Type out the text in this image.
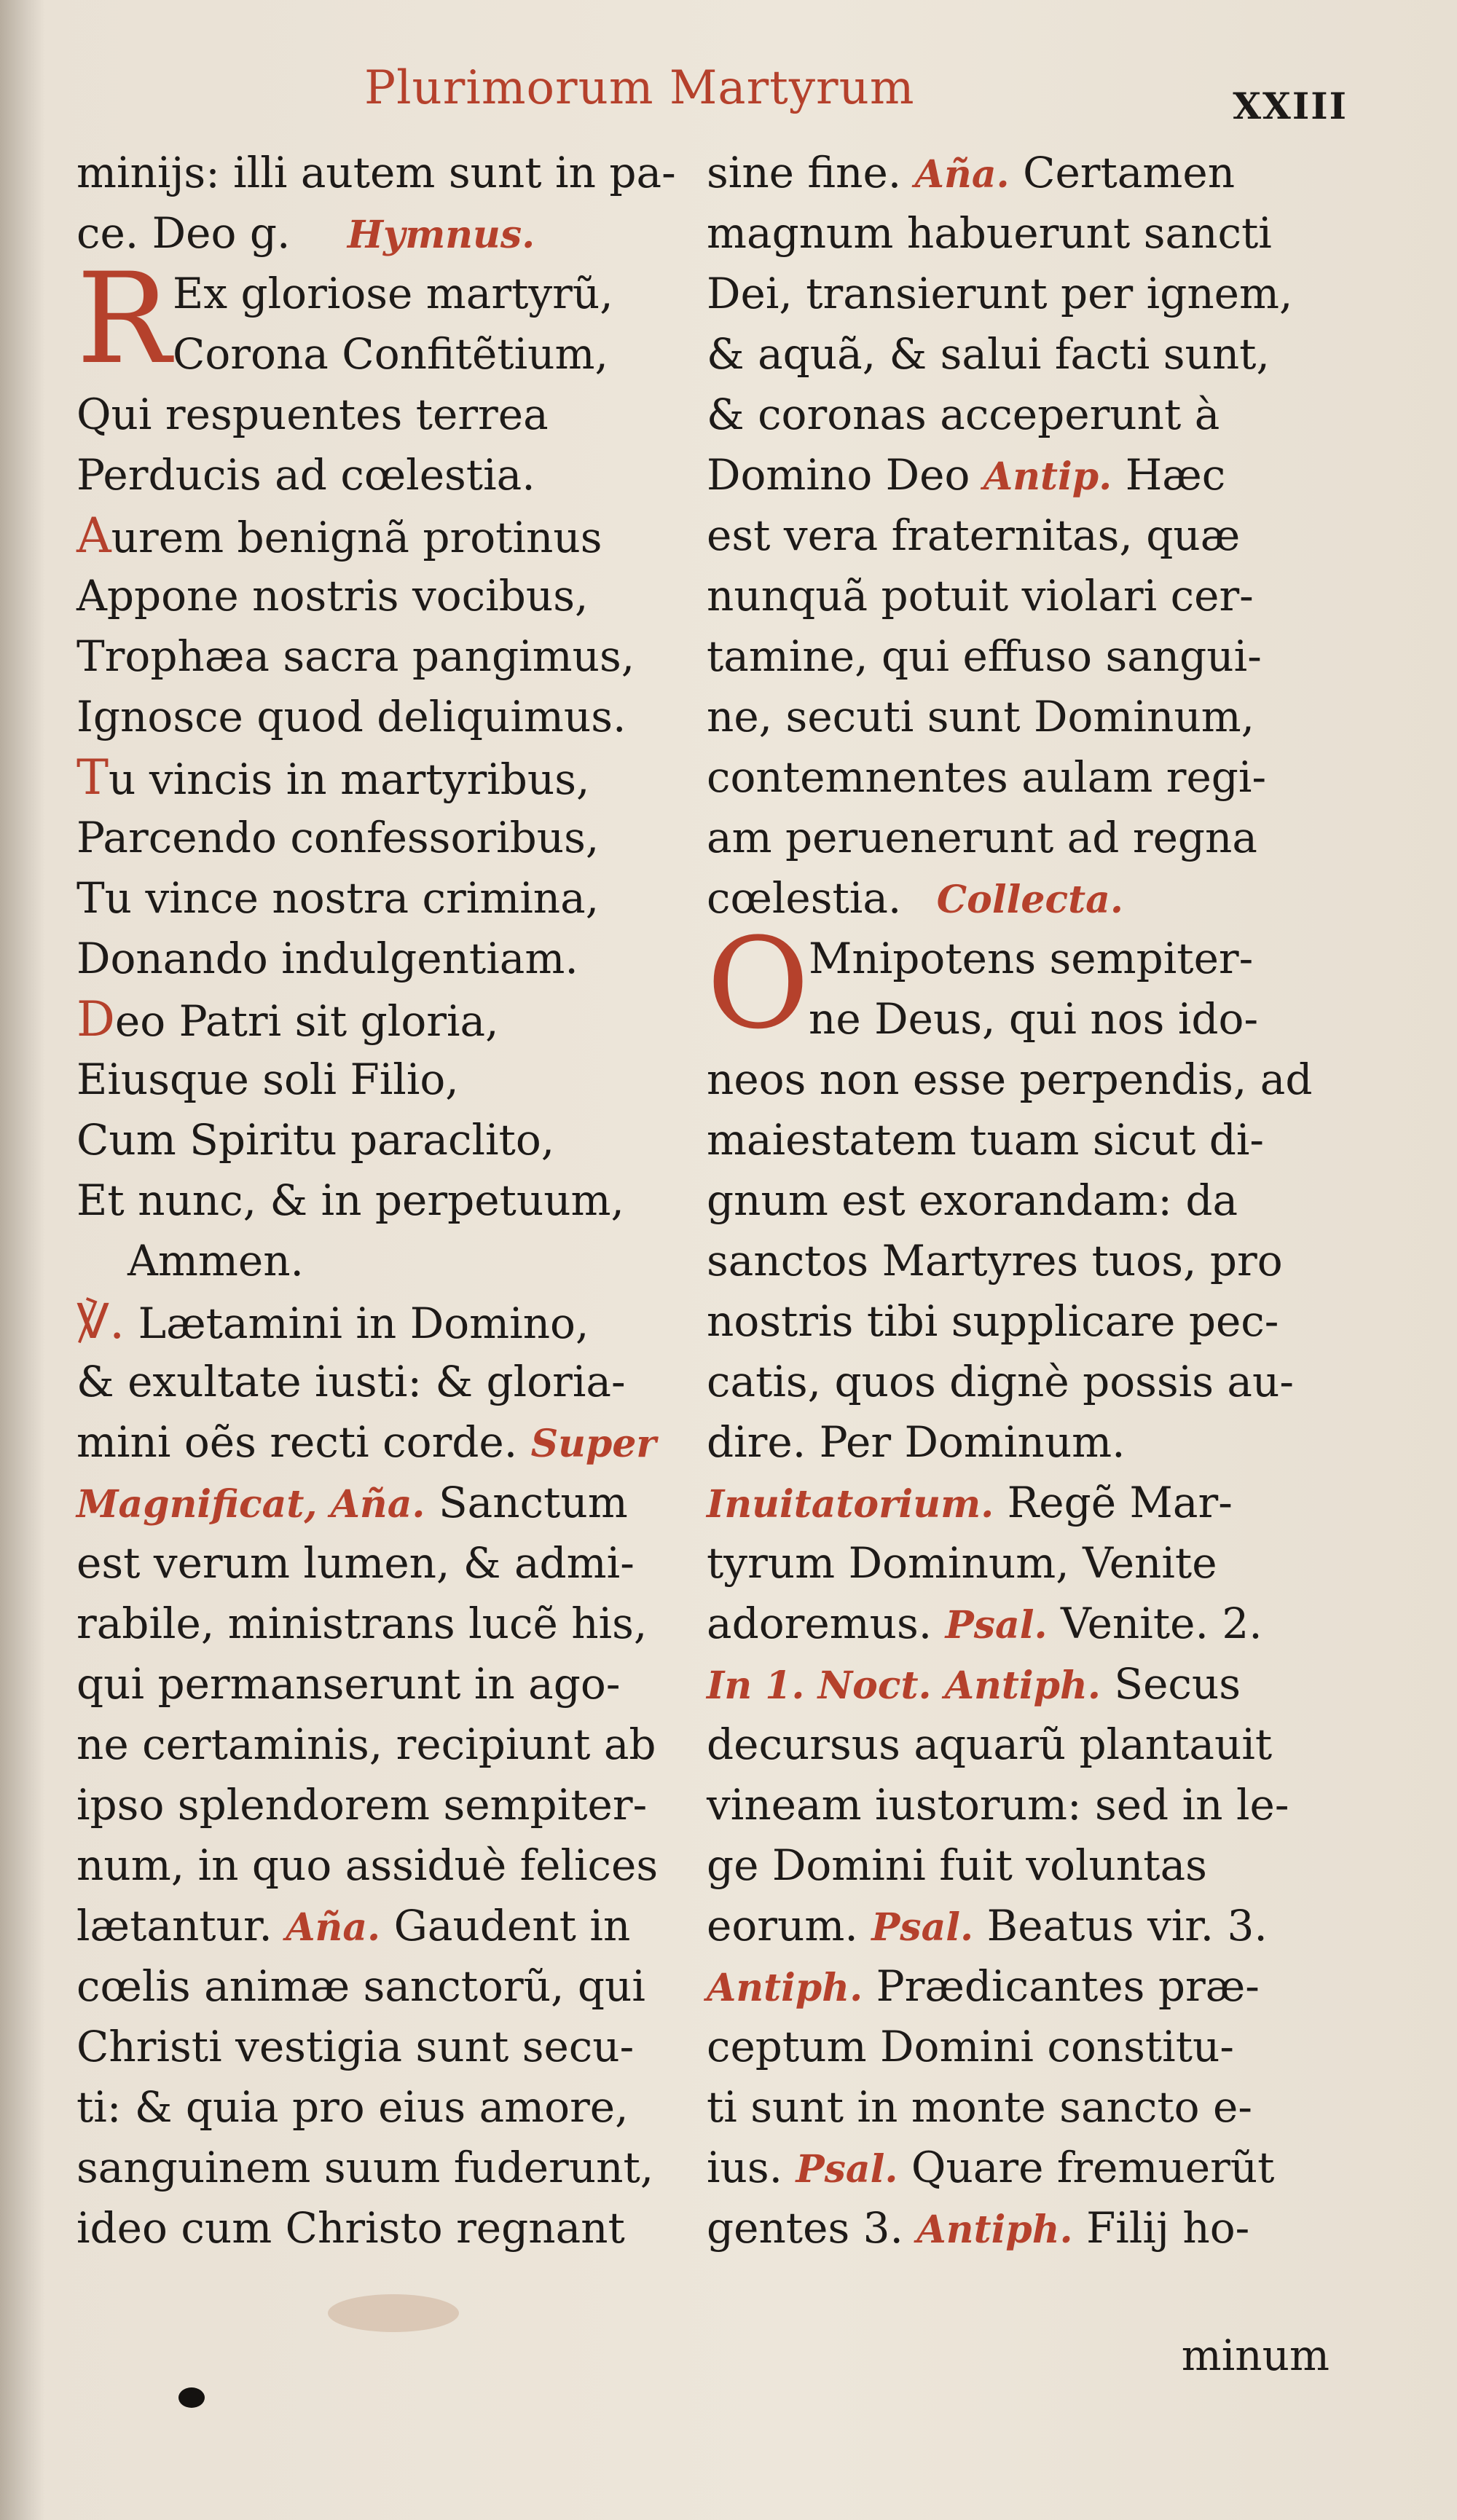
Plurimorum Martyrum	XXIII
minijs: illi autem sunt in pa-
ce. Deo g. Hymnus.
R Ex gloriose martyrũ,
Corona Confitẽtium,
Qui respuentes terrea
Perducis ad cœlestia.
Aurem benignã protinus
Appone nostris vocibus,
Trophæa sacra pangimus,
Ignosce quod deliquimus.
Tu vincis in martyribus,
Parcendo confessoribus,
Tu vince nostra crimina,
Donando indulgentiam.
Deo Patri sit gloria,
Eiusque soli Filio,
Cum Spiritu paraclito,
Et nunc, & in perpetuum,
Ammen.
℣. Lætamini in Domino,
& exultate iusti: & gloria-
mini oẽs recti corde. Super
Magnificat, Aña. Sanctum
est verum lumen, & admi-
rabile, ministrans lucẽ his,
qui permanserunt in ago-
ne certaminis, recipiunt ab
ipso splendorem sempiter-
num, in quo assiduè felices
lætantur. Aña. Gaudent in
cœlis animæ sanctorũ, qui
Christi vestigia sunt secu-
ti: & quia pro eius amore,
sanguinem suum fuderunt,
ideo cum Christo regnant
sine fine. Aña. Certamen
magnum habuerunt sancti
Dei, transierunt per ignem,
& aquã, & salui facti sunt,
& coronas acceperunt à
Domino Deo Antip. Hæc
est vera fraternitas, quæ
nunquã potuit violari cer-
tamine, qui effuso sangui-
ne, secuti sunt Dominum,
contemnentes aulam regi-
am peruenerunt ad regna
cœlestia. Collecta.
O
Mnipotens sempiter-
ne Deus, qui nos ido-
neos non esse perpendis, ad
maiestatem tuam sicut di-
gnum est exorandam: da
sanctos Martyres tuos, pro
nostris tibi supplicare pec-
catis, quos dignè possis au-
dire. Per Dominum.
Inuitatorium. Regẽ Mar-
tyrum Dominum, Venite
adoremus. Psal. Venite. 2.
In 1. Noct. Antiph. Secus
decursus aquarũ plantauit
vineam iustorum: sed in le-
ge Domini fuit voluntas
eorum. Psal. Beatus vir. 3.
Antiph. Prædicantes præ-
ceptum Domini constitu-
ti sunt in monte sancto e-
ius. Psal. Quare fremuerũt
gentes 3. Antiph. Filij ho-
minum
